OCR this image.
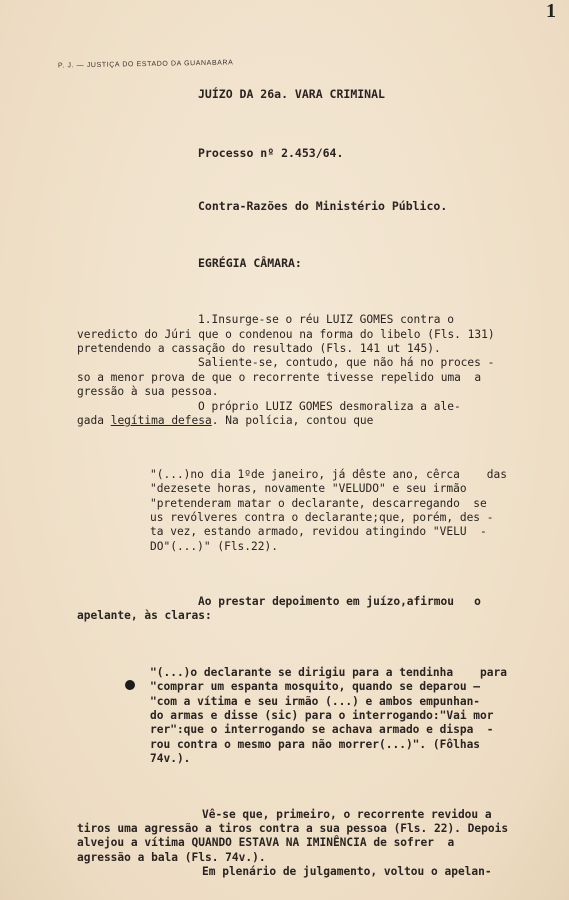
1
P. J. — JUSTIÇA DO ESTADO DA GUANABARA
JUÍZO DA 26a. VARA CRIMINAL
Processo nº 2.453/64.
Contra-Razões do Ministério Público.
EGRÉGIA CÂMARA:
1.Insurge-se o réu LUIZ GOMES contra o
veredicto do Júri que o condenou na forma do libelo (Fls. 131)
pretendendo a cassação do resultado (Fls. 141 ut 145).
Saliente-se, contudo, que não há no proces -
so a menor prova de que o recorrente tivesse repelido uma  a
gressão à sua pessoa.
O próprio LUIZ GOMES desmoraliza a ale-
gada legítima defesa. Na polícia, contou que
"(...)no dia 1ºde janeiro, já dêste ano, cêrca    das
"dezesete horas, novamente "VELUDO" e seu irmão
"pretenderam matar o declarante, descarregando  se
us revólveres contra o declarante;que, porém, des -
ta vez, estando armado, revidou atingindo "VELU  -
DO"(...)" (Fls.22).
Ao prestar depoimento em juízo,afirmou   o
apelante, às claras:
"(...)o declarante se dirigiu para a tendinha    para
"comprar um espanta mosquito, quando se deparou —
"com a vítima e seu irmão (...) e ambos empunhan-
do armas e disse (sic) para o interrogando:"Vai mor
rer":que o interrogando se achava armado e dispa  -
rou contra o mesmo para não morrer(...)". (Fôlhas
74v.).
Vê-se que, primeiro, o recorrente revidou a
tiros uma agressão a tiros contra a sua pessoa (Fls. 22). Depois
alvejou a vítima QUANDO ESTAVA NA IMINÊNCIA de sofrer  a
agressão a bala (Fls. 74v.).
Em plenário de julgamento, voltou o apelan-
